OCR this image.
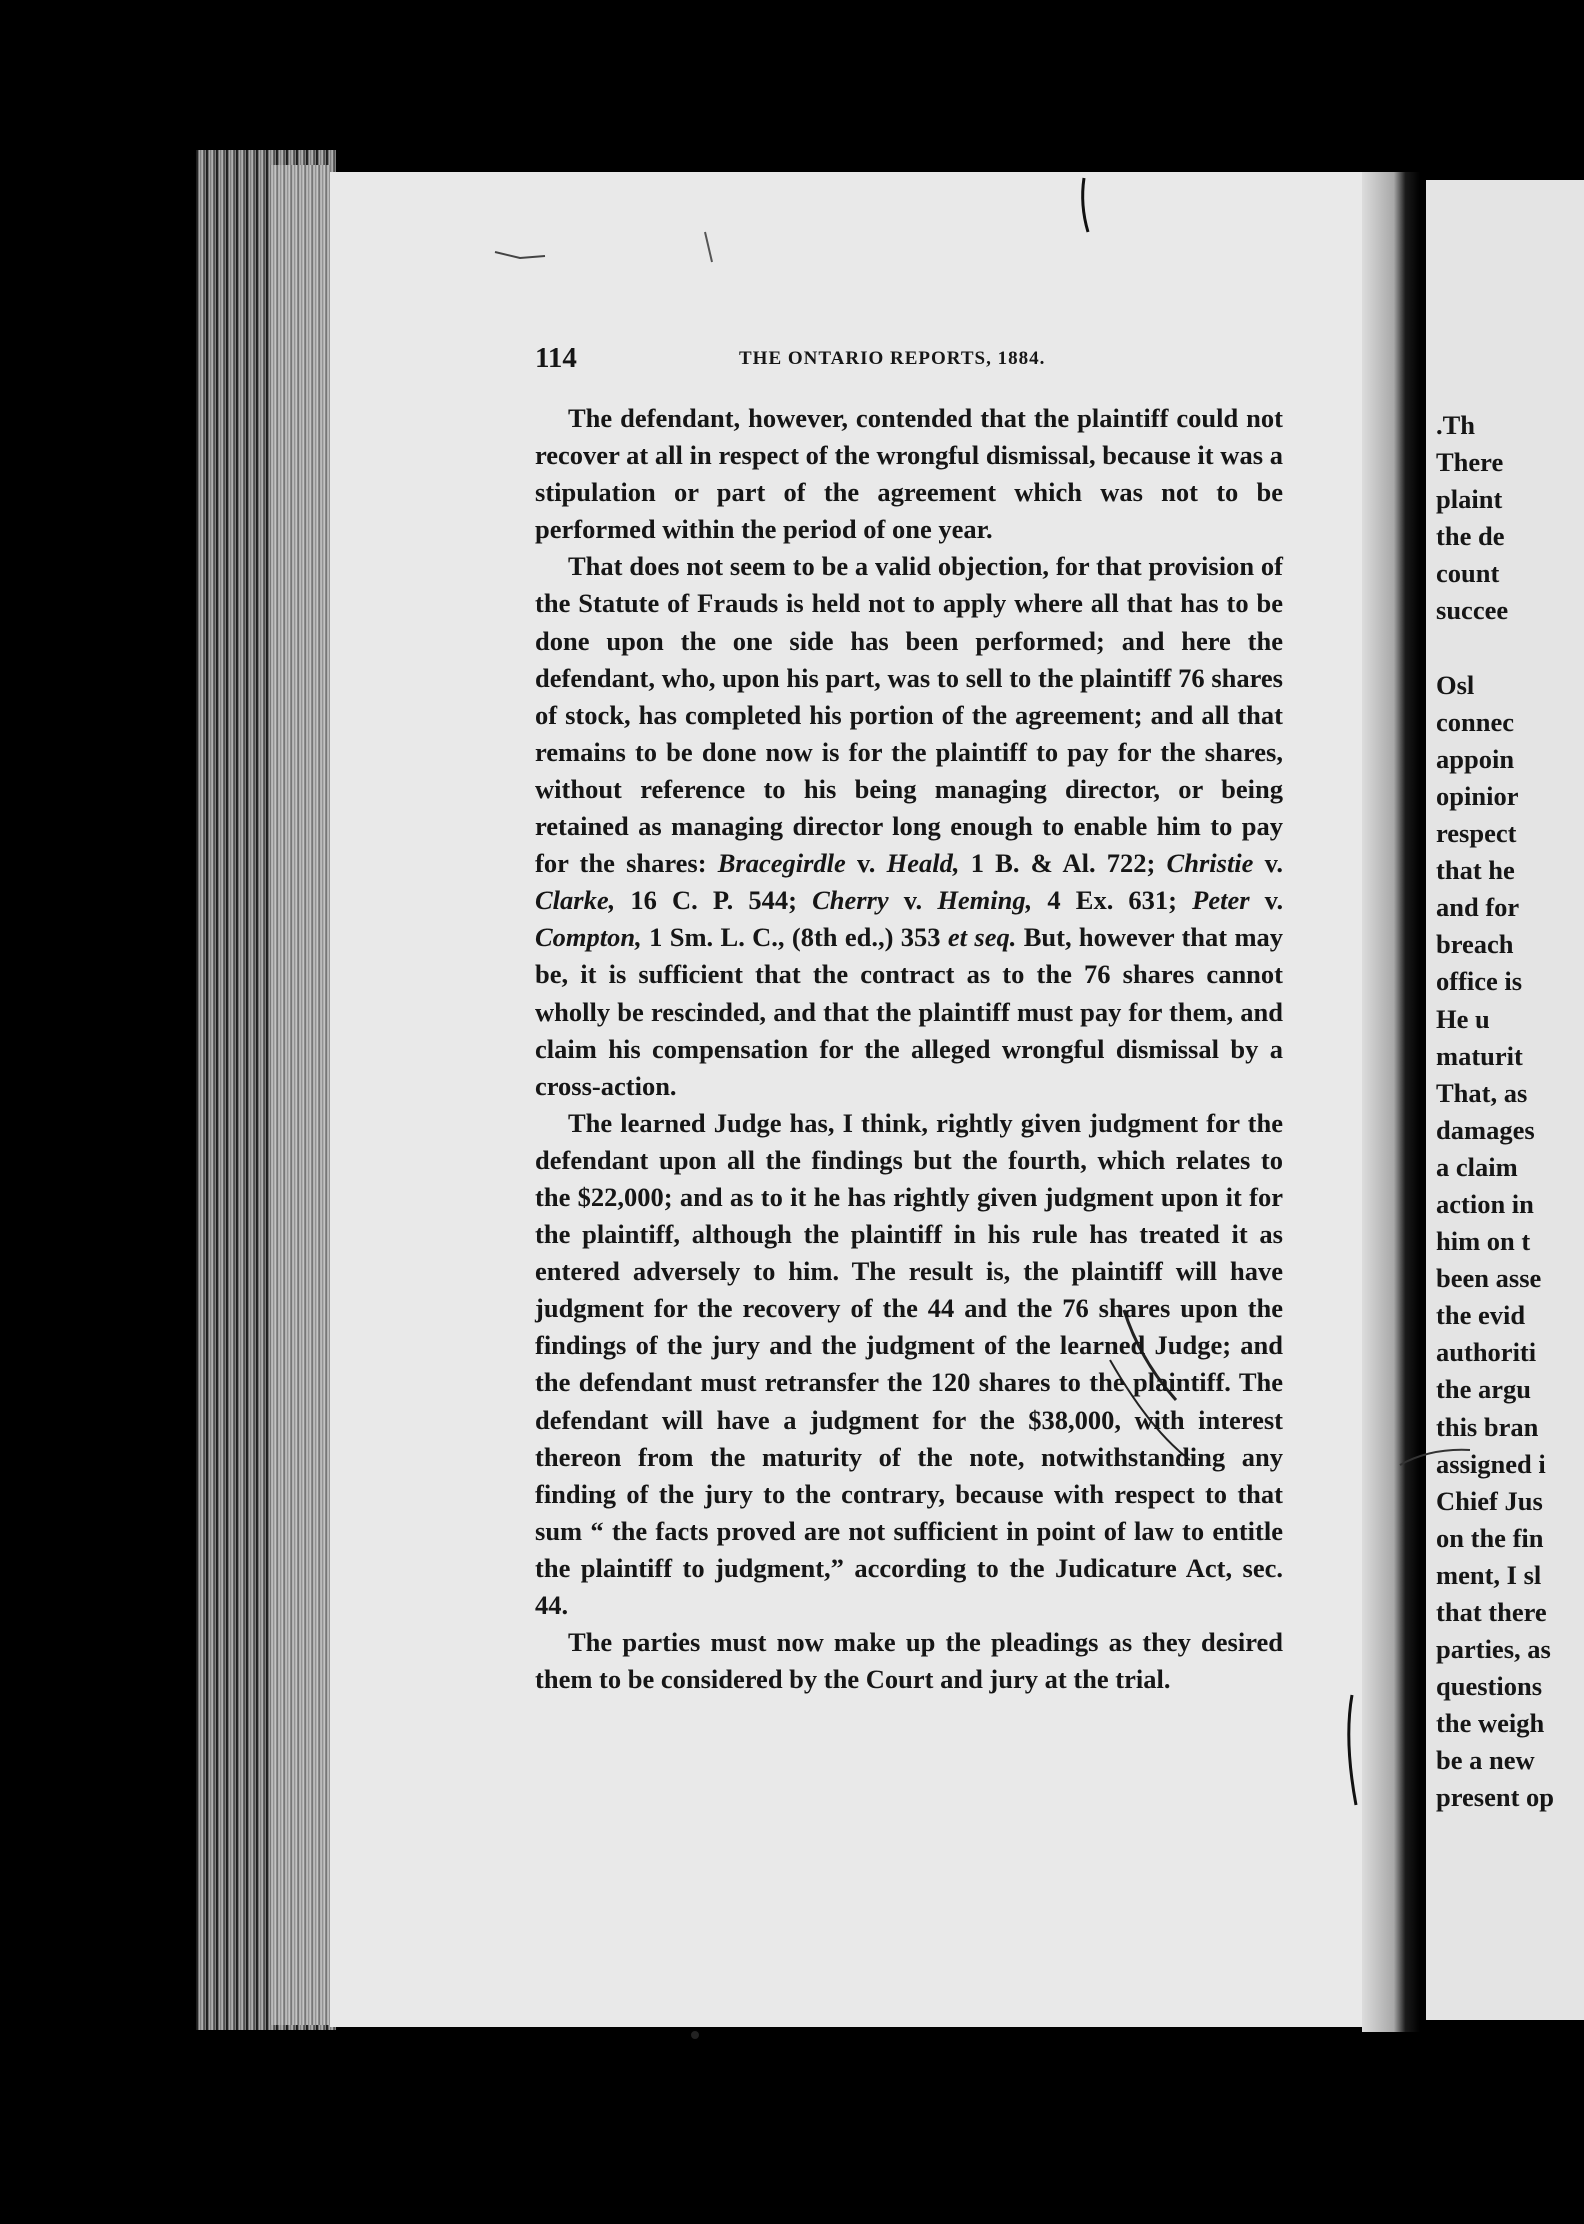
114	THE ONTARIO REPORTS, 1884.

The defendant, however, contended that the plaintiff could not recover at all in respect of the wrongful dismissal, because it was a stipulation or part of the agreement which was not to be performed within the period of one year.

That does not seem to be a valid objection, for that provision of the Statute of Frauds is held not to apply where all that has to be done upon the one side has been performed; and here the defendant, who, upon his part, was to sell to the plaintiff 76 shares of stock, has completed his portion of the agreement; and all that remains to be done now is for the plaintiff to pay for the shares, without reference to his being managing director, or being retained as managing director long enough to enable him to pay for the shares: Bracegirdle v. Heald, 1 B. & Al. 722; Christie v. Clarke, 16 C. P. 544; Cherry v. Heming, 4 Ex. 631; Peter v. Compton, 1 Sm. L. C., (8th ed.,) 353 et seq. But, however that may be, it is sufficient that the contract as to the 76 shares cannot wholly be rescinded, and that the plaintiff must pay for them, and claim his compensation for the alleged wrongful dismissal by a cross-action.

The learned Judge has, I think, rightly given judgment for the defendant upon all the findings but the fourth, which relates to the $22,000; and as to it he has rightly given judgment upon it for the plaintiff, although the plaintiff in his rule has treated it as entered adversely to him. The result is, the plaintiff will have judgment for the recovery of the 44 and the 76 shares upon the findings of the jury and the judgment of the learned Judge; and the defendant must retransfer the 120 shares to the plaintiff. The defendant will have a judgment for the $38,000, with interest thereon from the maturity of the note, notwithstanding any finding of the jury to the contrary, because with respect to that sum “ the facts proved are not sufficient in point of law to entitle the plaintiff to judgment,” according to the Judicature Act, sec. 44.

The parties must now make up the pleadings as they desired them to be considered by the Court and jury at the trial.

.Th
There
plaint
the de
count
succee
Osl
connec
appoin
opinior
respect
that he
and for
breach
office is
He u
maturit
That, as
damages
a claim
action in
him on t
been asse
the evid
authoriti
the argu
this bran
assigned i
Chief Jus
on the fin
ment, I sl
that there
parties, as
questions
the weigh
be a new
present op
